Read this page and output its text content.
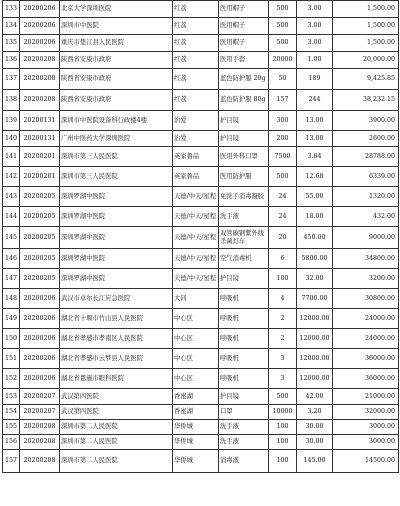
133	20200206	北京大学深圳医院	红荔	医用帽子	500	3.00	1,500.00
134	20200206	深圳市中医院	红荔	医用帽子	500	3.00	1,500.00
135	20200206	重庆市垫江县人民医院	红荔	医用帽子	500	3.00	1,500.00
136	20200208	陕西省安康市政府	红荔	医用手套	20000	1.00	20,000.00
137	20200208	陕西省安康市政府	红荔	蓝色防护服 20g	50	189	9,425.85
138	20200208	陕西省安康市政府	红荔	蓝色防护服 80g	157	244	38,232.15
139	20200131	深圳市中医院设备科行政楼4楼	治爱	护目镜	300	13.00	3900.00
140	20200131	广州中医药大学深圳医院	治爱	护目镜	200	13.00	2600.00
141	20200201	深圳市第三人民医院	英家鲁品	医用外科口罩	7500	3.84	28788.00
142	20200201	深圳市第三人民医院	英家鲁品	医用防护服	500	12.68	6339.00
143	20200205	深圳罗湖中医院	天德/中天/星程	免洗手消毒凝胶	24	55.00	1320.00
144	20200205	深圳罗湖中医院	天德/中天/星程	洗手液	24	18.00	432.00
145	20200205	深圳罗湖中医院	天德/中天/星程	双管碳钢紫外线杀菌灯车	20	450.00	9000.00
146	20200205	深圳罗湖中医院	天德/中天/星程	空气消毒机	6	5800.00	34800.00
147	20200205	深圳罗湖中医院	天德/中天/星程	护目镜	100	32.00	3200.00
148	20200206	武汉市卓尔长江应急医院	大同	呼吸机	4	7700.00	30800.00
149	20200206	湖北省十堰市竹山县人民医院	中心区	呼吸机	2	12000.00	24000.00
150	20200206	湖北省孝感市孝南区人民医院	中心区	呼吸机	2	12000.00	24000.00
151	20200206	湖北省孝感市云梦县人民医院	中心区	呼吸机	3	12000.00	36000.00
152	20200206	湖北省恩施市眼科医院	中心区	呼吸机	3	12000.00	36000.00
153	20200207	武汉第四医院	香蜜湖	护目镜	500	42.00	21000.00
154	20200207	武汉第四医院	香蜜湖	口罩	10000	3.20	32000.00
155	20200208	深圳市第二人民医院	华侨城	洗手液	100	30.00	3000.00
156	20200208	深圳市第二人民医院	华侨城	洗手液	100	30.00	3000.00
157	20200208	深圳市第二人民医院	华侨城	消毒液	100	145.00	14500.00
